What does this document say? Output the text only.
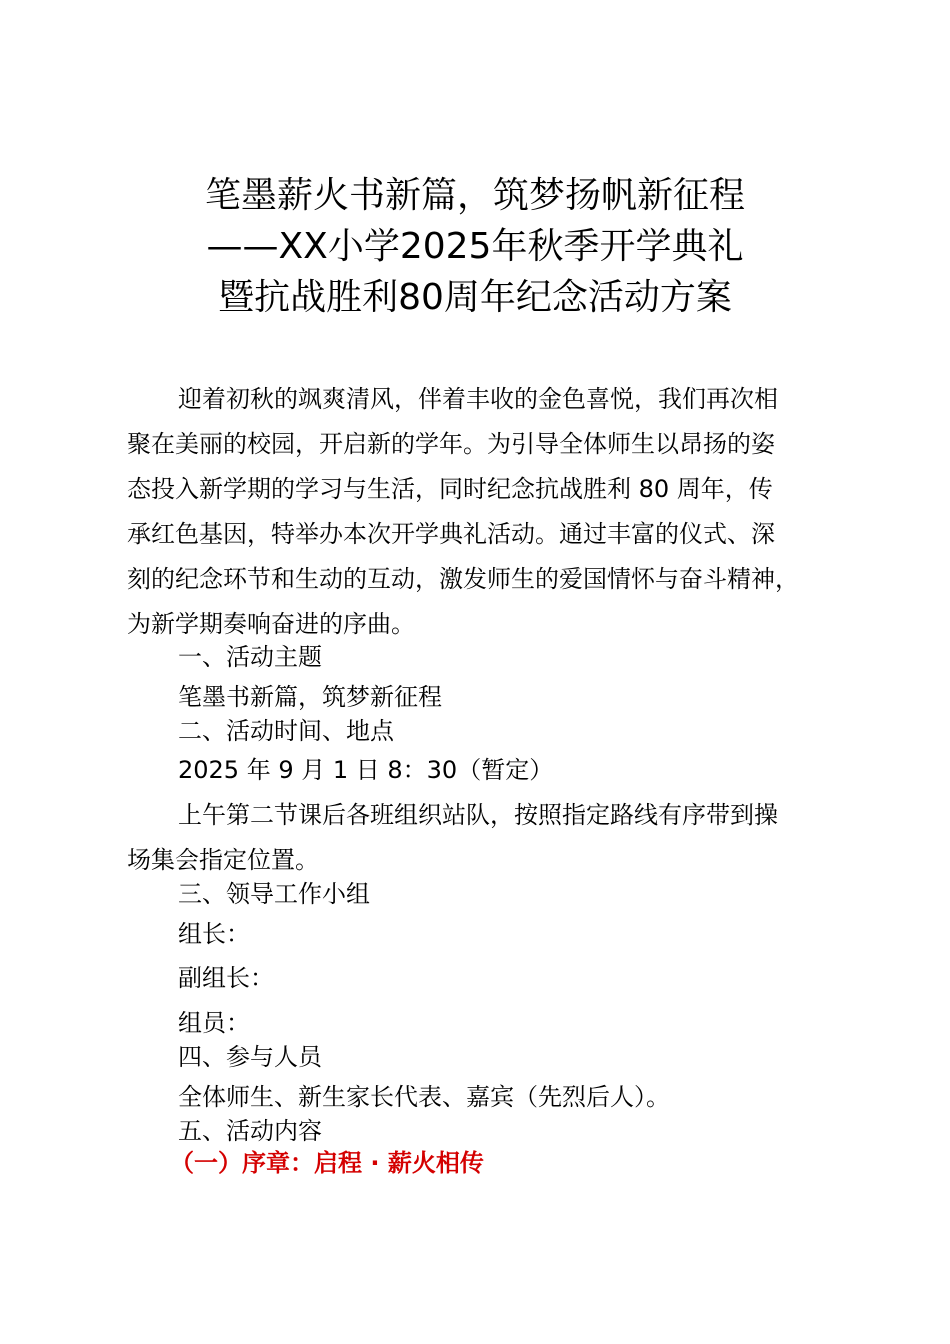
笔墨薪火书新篇，筑梦扬帆新征程
——XX小学2025年秋季开学典礼
暨抗战胜利80周年纪念活动方案
迎着初秋的飒爽清风，伴着丰收的金色喜悦，我们再次相
聚在美丽的校园，开启新的学年。为引导全体师生以昂扬的姿
态投入新学期的学习与生活，同时纪念抗战胜利 80 周年，传
承红色基因，特举办本次开学典礼活动。通过丰富的仪式、深
刻的纪念环节和生动的互动，激发师生的爱国情怀与奋斗精神，
为新学期奏响奋进的序曲。
一、活动主题
笔墨书新篇，筑梦新征程
二、活动时间、地点
2025 年 9 月 1 日 8：30（暂定）
上午第二节课后各班组织站队，按照指定路线有序带到操
场集会指定位置。
三、领导工作小组
组长：
副组长：
组员：
四、参与人员
全体师生、新生家长代表、嘉宾（先烈后人）。
五、活动内容
（一）序章：启程 · 薪火相传
